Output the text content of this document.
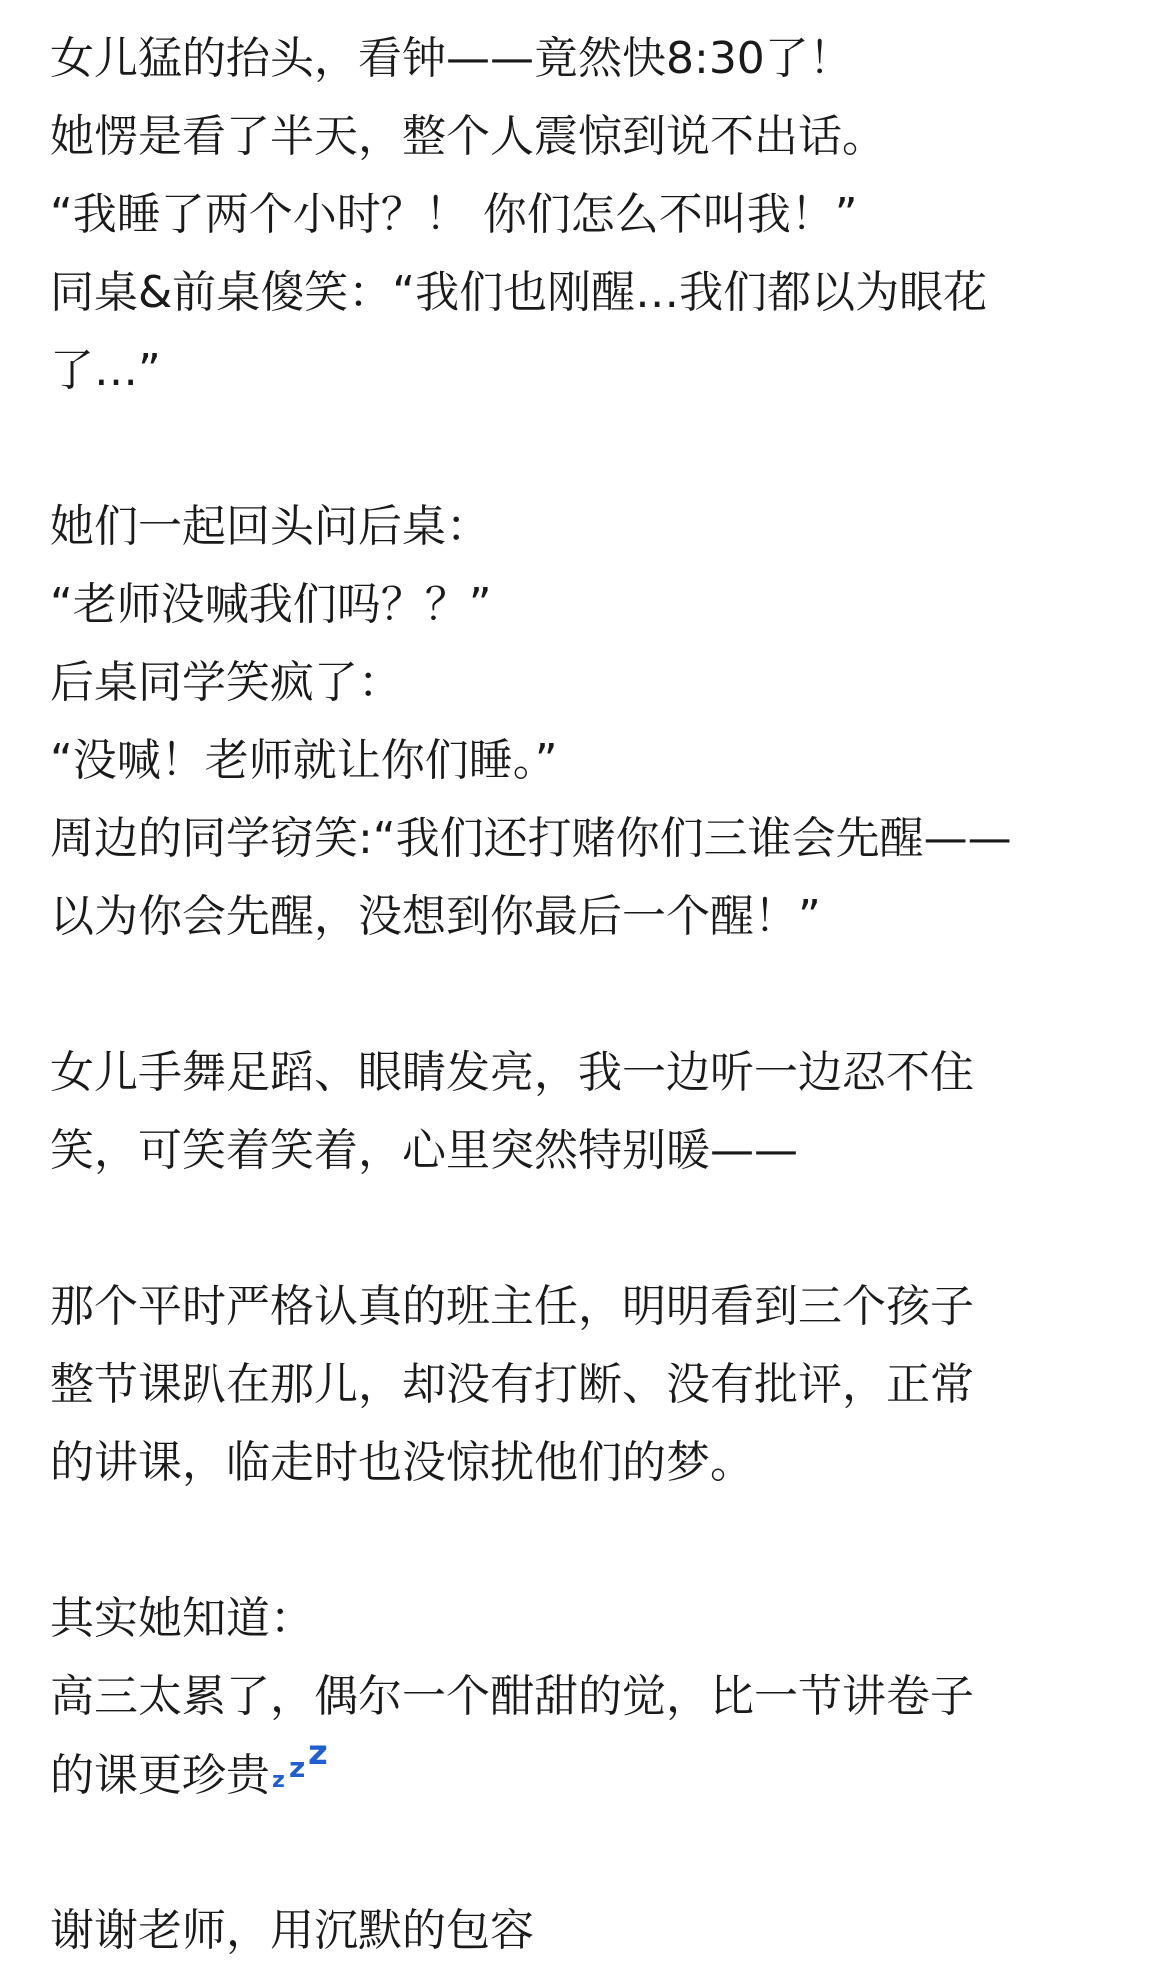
女儿猛的抬头，看钟——竟然快8:30了！
她愣是看了半天，整个人震惊到说不出话。
“我睡了两个小时？！ 你们怎么不叫我！”
同桌&前桌傻笑：“我们也刚醒…我们都以为眼花
了…”
她们一起回头问后桌：
“老师没喊我们吗？？”
后桌同学笑疯了：
“没喊！老师就让你们睡。”
周边的同学窃笑:“我们还打赌你们三谁会先醒——
以为你会先醒，没想到你最后一个醒！”
女儿手舞足蹈、眼睛发亮，我一边听一边忍不住
笑，可笑着笑着，心里突然特别暖——
那个平时严格认真的班主任，明明看到三个孩子
整节课趴在那儿，却没有打断、没有批评，正常
的讲课，临走时也没惊扰他们的梦。
其实她知道：
高三太累了，偶尔一个酣甜的觉，比一节讲卷子
的课更珍贵 z z z
谢谢老师，用沉默的包容
